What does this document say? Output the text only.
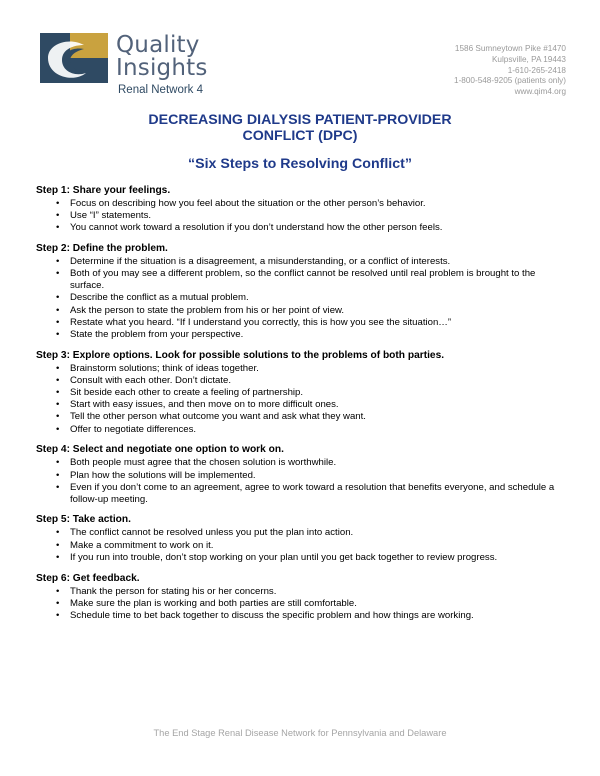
Quality
Insights
Renal Network 4
1586 Sumneytown Pike #1470
Kulpsville, PA 19443
1-610-265-2418
1-800-548-9205 (patients only)
www.qim4.org
DECREASING DIALYSIS PATIENT-PROVIDER
CONFLICT (DPC)
“Six Steps to Resolving Conflict”
Step 1: Share your feelings.
• Focus on describing how you feel about the situation or the other person’s behavior.
• Use “I” statements.
• You cannot work toward a resolution if you don’t understand how the other person feels.
Step 2: Define the problem.
• Determine if the situation is a disagreement, a misunderstanding, or a conflict of interests.
• Both of you may see a different problem, so the conflict cannot be resolved until real problem is brought to the surface.
• Describe the conflict as a mutual problem.
• Ask the person to state the problem from his or her point of view.
• Restate what you heard. “If I understand you correctly, this is how you see the situation…”
• State the problem from your perspective.
Step 3: Explore options. Look for possible solutions to the problems of both parties.
• Brainstorm solutions; think of ideas together.
• Consult with each other. Don’t dictate.
• Sit beside each other to create a feeling of partnership.
• Start with easy issues, and then move on to more difficult ones.
• Tell the other person what outcome you want and ask what they want.
• Offer to negotiate differences.
Step 4: Select and negotiate one option to work on.
• Both people must agree that the chosen solution is worthwhile.
• Plan how the solutions will be implemented.
• Even if you don’t come to an agreement, agree to work toward a resolution that benefits everyone, and schedule a follow-up meeting.
Step 5: Take action.
• The conflict cannot be resolved unless you put the plan into action.
• Make a commitment to work on it.
• If you run into trouble, don’t stop working on your plan until you get back together to review progress.
Step 6: Get feedback.
• Thank the person for stating his or her concerns.
• Make sure the plan is working and both parties are still comfortable.
• Schedule time to bet back together to discuss the specific problem and how things are working.
The End Stage Renal Disease Network for Pennsylvania and Delaware
